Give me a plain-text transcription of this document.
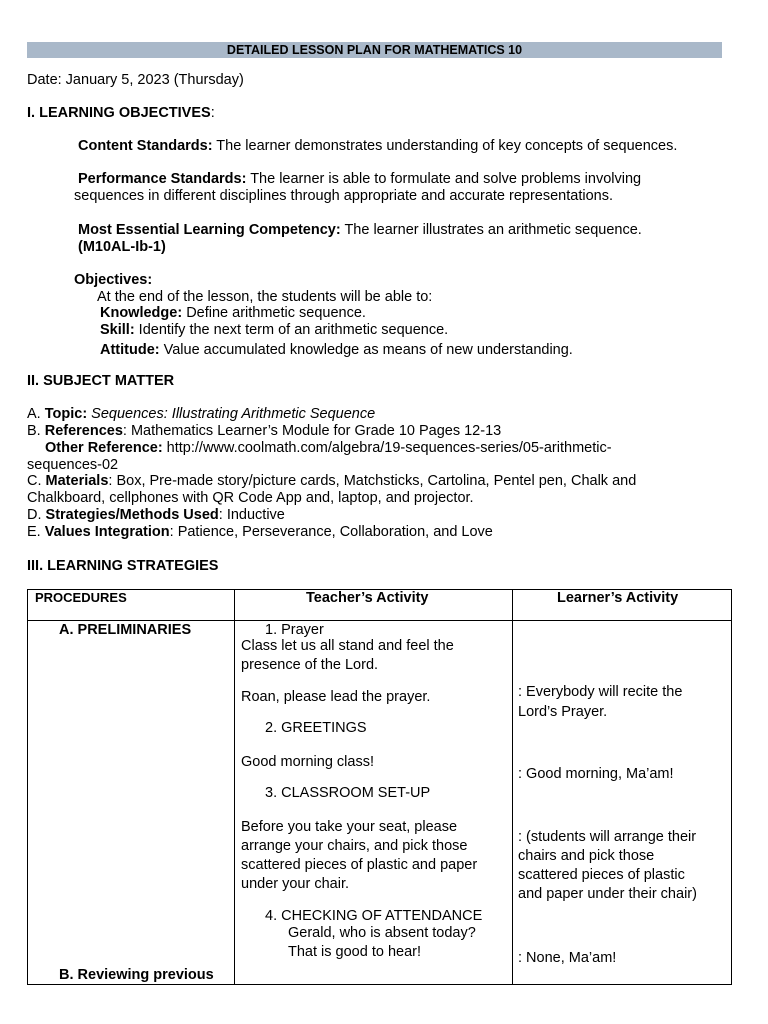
DETAILED LESSON PLAN FOR MATHEMATICS 10
Date: January 5, 2023 (Thursday)
I. LEARNING OBJECTIVES:
Content Standards: The learner demonstrates understanding of key concepts of sequences.
Performance Standards: The learner is able to formulate and solve problems involving
sequences in different disciplines through appropriate and accurate representations.
Most Essential Learning Competency: The learner illustrates an arithmetic sequence.
(M10AL-Ib-1)
Objectives:
At the end of the lesson, the students will be able to:
Knowledge: Define arithmetic sequence.
Skill: Identify the next term of an arithmetic sequence.
Attitude: Value accumulated knowledge as means of new understanding.
II. SUBJECT MATTER
A. Topic: Sequences: Illustrating Arithmetic Sequence
B. References: Mathematics Learner’s Module for Grade 10 Pages 12-13
Other Reference: http://www.coolmath.com/algebra/19-sequences-series/05-arithmetic-
sequences-02
C. Materials: Box, Pre-made story/picture cards, Matchsticks, Cartolina, Pentel pen, Chalk and
Chalkboard, cellphones with QR Code App and, laptop, and projector.
D. Strategies/Methods Used: Inductive
E. Values Integration: Patience, Perseverance, Collaboration, and Love
III. LEARNING STRATEGIES
PROCEDURES	Teacher’s Activity	Learner’s Activity
A. PRELIMINARIES
B. Reviewing previous
1. Prayer
Class let us all stand and feel the
presence of the Lord.
Roan, please lead the prayer.
2. GREETINGS
Good morning class!
3. CLASSROOM SET-UP
Before you take your seat, please
arrange your chairs, and pick those
scattered pieces of plastic and paper
under your chair.
4. CHECKING OF ATTENDANCE
Gerald, who is absent today?
That is good to hear!
: Everybody will recite the
Lord’s Prayer.
: Good morning, Ma’am!
: (students will arrange their
chairs and pick those
scattered pieces of plastic
and paper under their chair)
: None, Ma’am!
